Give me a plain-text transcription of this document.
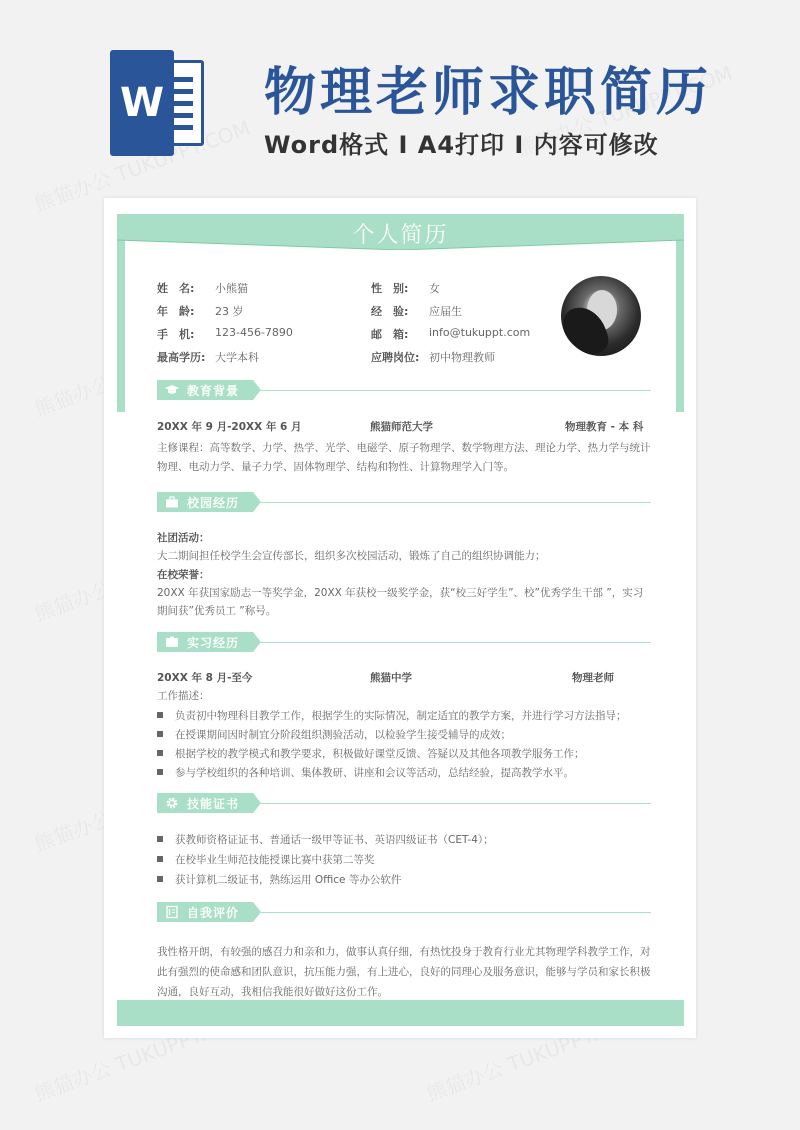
W 物理老师求职简历
Word格式 I A4打印 I 内容可修改
个人简历
姓　名: 小熊猫	性　别: 女
年　龄: 23 岁	经　验: 应届生
手　机: 123-456-7890	邮　箱: info@tukuppt.com
最高学历: 大学本科	应聘岗位: 初中物理教师
教育背景
20XX 年 9 月-20XX 年 6 月	熊猫师范大学	物理教育 - 本 科
主修课程：高等数学、力学、热学、光学、电磁学、原子物理学、数学物理方法、理论力学、热力学与统计
物理、电动力学、量子力学、固体物理学、结构和物性、计算物理学入门等。
校园经历
社团活动：
大二期间担任校学生会宣传部长，组织多次校园活动，锻炼了自己的组织协调能力；
在校荣誉：
20XX 年获国家励志一等奖学金，20XX 年获校一级奖学金，获“校三好学生”、校”优秀学生干部 ”，实习
期间获”优秀员工 ”称号。
实习经历
20XX 年 8 月-至今	熊猫中学	物理老师
工作描述：
负责初中物理科目教学工作，根据学生的实际情况，制定适宜的教学方案，并进行学习方法指导；
在授课期间因时制宜分阶段组织测验活动，以检验学生接受辅导的成效；
根据学校的教学模式和教学要求，积极做好课堂反馈、答疑以及其他各项教学服务工作；
参与学校组织的各种培训、集体教研、讲座和会议等活动，总结经验，提高教学水平。
技能证书
获教师资格证证书、普通话一级甲等证书、英语四级证书（CET-4）；
在校毕业生师范技能授课比赛中获第二等奖
获计算机二级证书，熟练运用 Office 等办公软件
自我评价
我性格开朗，有较强的感召力和亲和力，做事认真仔细，有热忱投身于教育行业尤其物理学科教学工作，对
此有强烈的使命感和团队意识，抗压能力强，有上进心，良好的同理心及服务意识，能够与学员和家长积极
沟通，良好互动，我相信我能很好做好这份工作。
